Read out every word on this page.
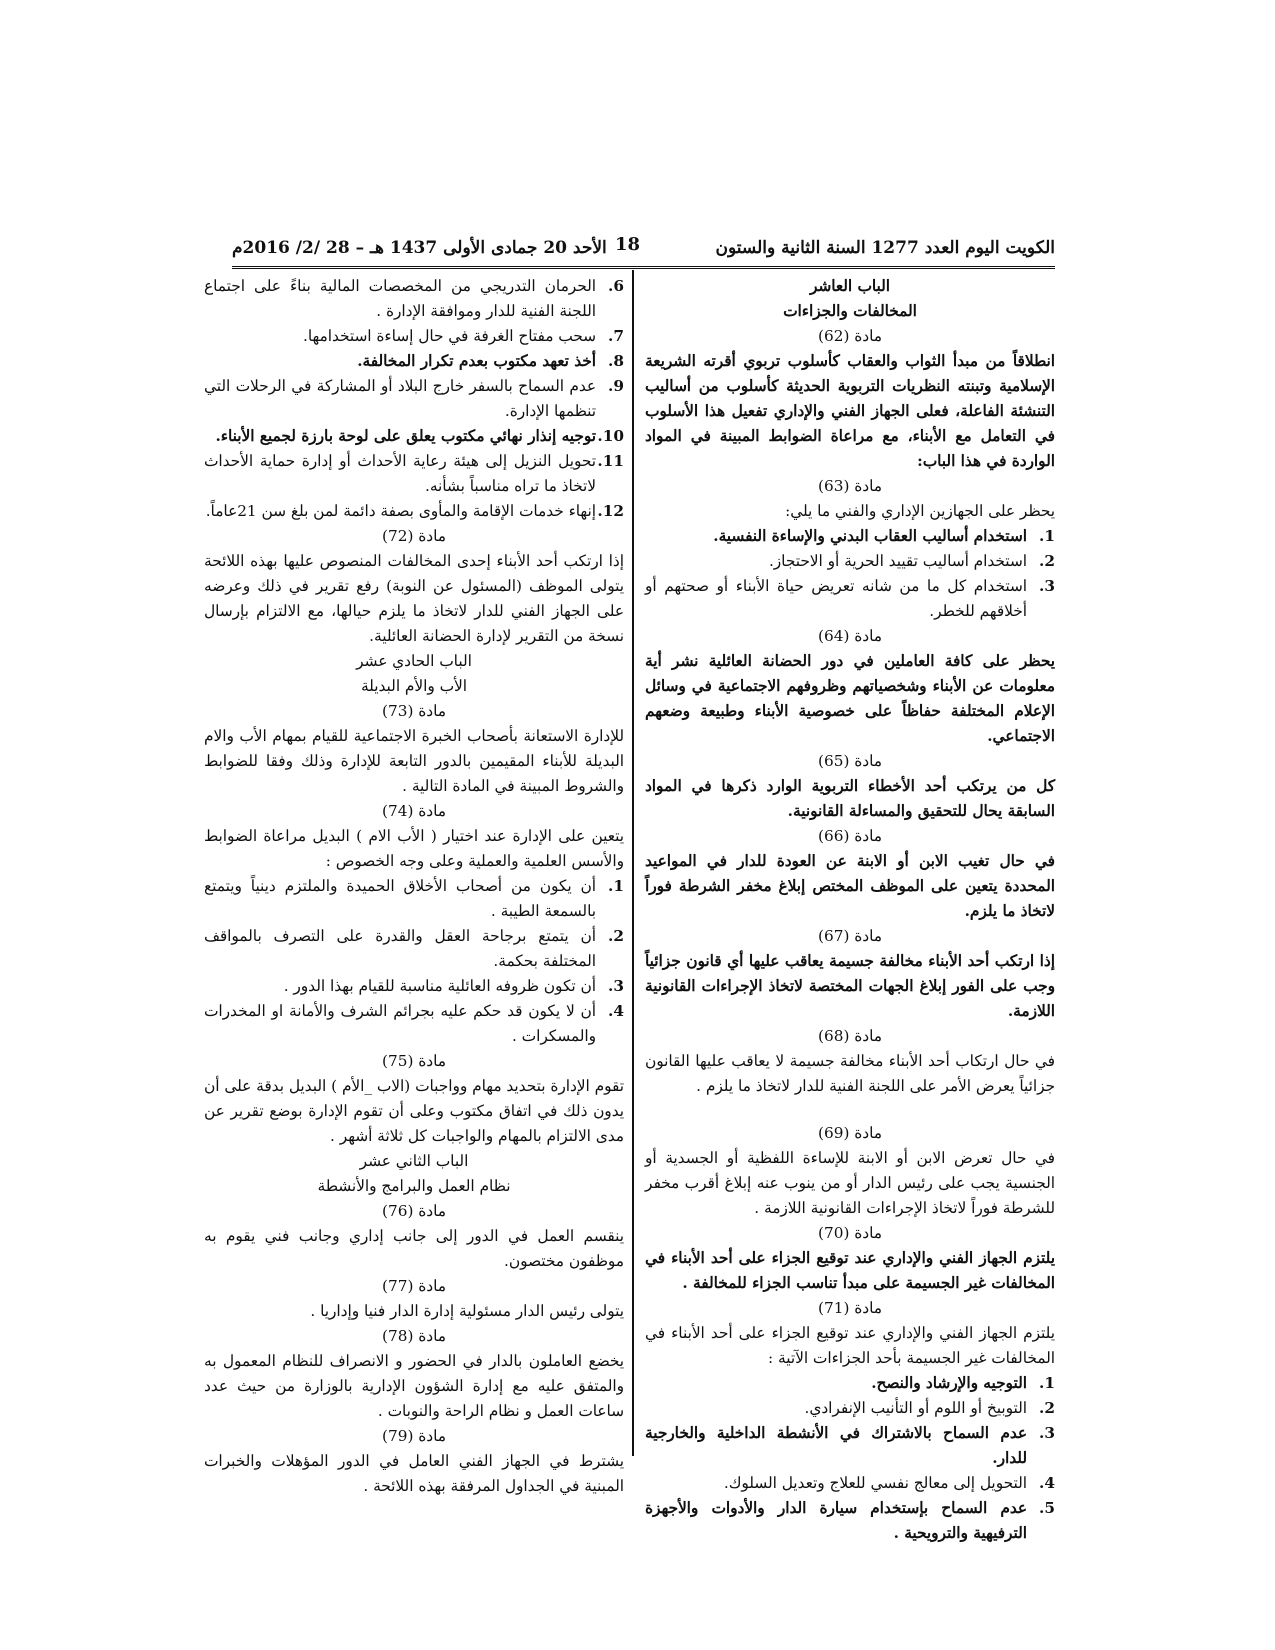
الأحد 20 جمادى الأولى 1437 هـ – 28 /2/ 2016م 18	الكويت اليوم العدد 1277 السنة الثانية والستون

الباب العاشر

المخالفات والجزاءات

مادة (62)

انطلاقاً من مبدأ الثواب والعقاب كأسلوب تربوي أقرته الشريعة الإسلامية وتبنته النظريات التربوية الحديثة كأسلوب من أساليب التنشئة الفاعلة، فعلى الجهاز الفني والإداري تفعيل هذا الأسلوب في التعامل مع الأبناء، مع مراعاة الضوابط المبينة في المواد الواردة في هذا الباب:

مادة (63)

يحظر على الجهازين الإداري والفني ما يلي:

1.
استخدام أساليب العقاب البدني والإساءة النفسية.
2.
استخدام أساليب تقييد الحرية أو الاحتجاز.
3.
استخدام كل ما من شانه تعريض حياة الأبناء أو صحتهم أو أخلاقهم للخطر.

مادة (64)

يحظر على كافة العاملين في دور الحضانة العائلية نشر أية معلومات عن الأبناء وشخصياتهم وظروفهم الاجتماعية في وسائل الإعلام المختلفة حفاظاً على خصوصية الأبناء وطبيعة وضعهم الاجتماعي.

مادة (65)

كل من يرتكب أحد الأخطاء التربوية الوارد ذكرها في المواد السابقة يحال للتحقيق والمساءلة القانونية.

مادة (66)

في حال تغيب الابن أو الابنة عن العودة للدار في المواعيد المحددة يتعين على الموظف المختص إبلاغ مخفر الشرطة فوراً لاتخاذ ما يلزم.

مادة (67)

إذا ارتكب أحد الأبناء مخالفة جسيمة يعاقب عليها أي قانون جزائياً وجب على الفور إبلاغ الجهات المختصة لاتخاذ الإجراءات القانونية اللازمة.

مادة (68)

في حال ارتكاب أحد الأبناء مخالفة جسيمة لا يعاقب عليها القانون جزائياً يعرض الأمر على اللجنة الفنية للدار لاتخاذ ما يلزم .

مادة (69)

في حال تعرض الابن أو الابنة للإساءة اللفظية أو الجسدية أو الجنسية يجب على رئيس الدار أو من ينوب عنه إبلاغ أقرب مخفر للشرطة فوراً لاتخاذ الإجراءات القانونية اللازمة .

مادة (70)

يلتزم الجهاز الفني والإداري عند توقيع الجزاء على أحد الأبناء في المخالفات غير الجسيمة على مبدأ تناسب الجزاء للمخالفة .

مادة (71)

يلتزم الجهاز الفني والإداري عند توقيع الجزاء على أحد الأبناء في المخالفات غير الجسيمة بأحد الجزاءات الآتية :

1.
التوجيه والإرشاد والنصح.
2.
التوبيخ أو اللوم أو التأنيب الإنفرادي.
3.
عدم السماح بالاشتراك في الأنشطة الداخلية والخارجية للدار.
4.
التحويل إلى معالج نفسي للعلاج وتعديل السلوك.
5.
عدم السماح بإستخدام سيارة الدار والأدوات والأجهزة الترفيهية والترويحية .
6.
الحرمان التدريجي من المخصصات المالية بناءً على اجتماع اللجنة الفنية للدار وموافقة الإدارة .
7.
سحب مفتاح الغرفة في حال إساءة استخدامها.
8.
أخذ تعهد مكتوب بعدم تكرار المخالفة.
9.
عدم السماح بالسفر خارج البلاد أو المشاركة في الرحلات التي تنظمها الإدارة.
10.
توجيه إنذار نهائي مكتوب يعلق على لوحة بارزة لجميع الأبناء.
11.
تحويل النزيل إلى هيئة رعاية الأحداث أو إدارة حماية الأحداث لاتخاذ ما تراه مناسباً بشأنه.
12.
إنهاء خدمات الإقامة والمأوى بصفة دائمة لمن بلغ سن 21عاماً.

مادة (72)

إذا ارتكب أحد الأبناء إحدى المخالفات المنصوص عليها بهذه اللائحة يتولى الموظف (المسئول عن النوبة) رفع تقرير في ذلك وعرضه على الجهاز الفني للدار لاتخاذ ما يلزم حيالها، مع الالتزام بإرسال نسخة من التقرير لإدارة الحضانة العائلية.

الباب الحادي عشر

الأب والأم البديلة

مادة (73)

للإدارة الاستعانة بأصحاب الخبرة الاجتماعية للقيام بمهام الأب والام البديلة للأبناء المقيمين بالدور التابعة للإدارة وذلك وفقا للضوابط والشروط المبينة في المادة التالية .

مادة (74)

يتعين على الإدارة عند اختيار ( الأب الام ) البديل مراعاة الضوابط والأسس العلمية والعملية وعلى وجه الخصوص :

1.
أن يكون من أصحاب الأخلاق الحميدة والملتزم دينياً ويتمتع بالسمعة الطيبة .
2.
أن يتمتع برجاحة العقل والقدرة على التصرف بالمواقف المختلفة بحكمة.
3.
أن تكون ظروفه العائلية مناسبة للقيام بهذا الدور .
4.
أن لا يكون قد حكم عليه بجرائم الشرف والأمانة او المخدرات والمسكرات .

مادة (75)

تقوم الإدارة بتحديد مهام وواجبات (الاب _الأم ) البديل بدقة على أن يدون ذلك في اتفاق مكتوب وعلى أن تقوم الإدارة بوضع تقرير عن مدى الالتزام بالمهام والواجبات كل ثلاثة أشهر .

الباب الثاني عشر

نظام العمل والبرامج والأنشطة

مادة (76)

ينقسم العمل في الدور إلى جانب إداري وجانب فني يقوم به موظفون مختصون.

مادة (77)

يتولى رئيس الدار مسئولية إدارة الدار فنيا وإداريا .

مادة (78)

يخضع العاملون بالدار في الحضور و الانصراف للنظام المعمول به والمتفق عليه مع إدارة الشؤون الإدارية بالوزارة من حيث عدد ساعات العمل و نظام الراحة والنوبات .

مادة (79)

يشترط في الجهاز الفني العامل في الدور المؤهلات والخبرات المبنية في الجداول المرفقة بهذه اللائحة .
